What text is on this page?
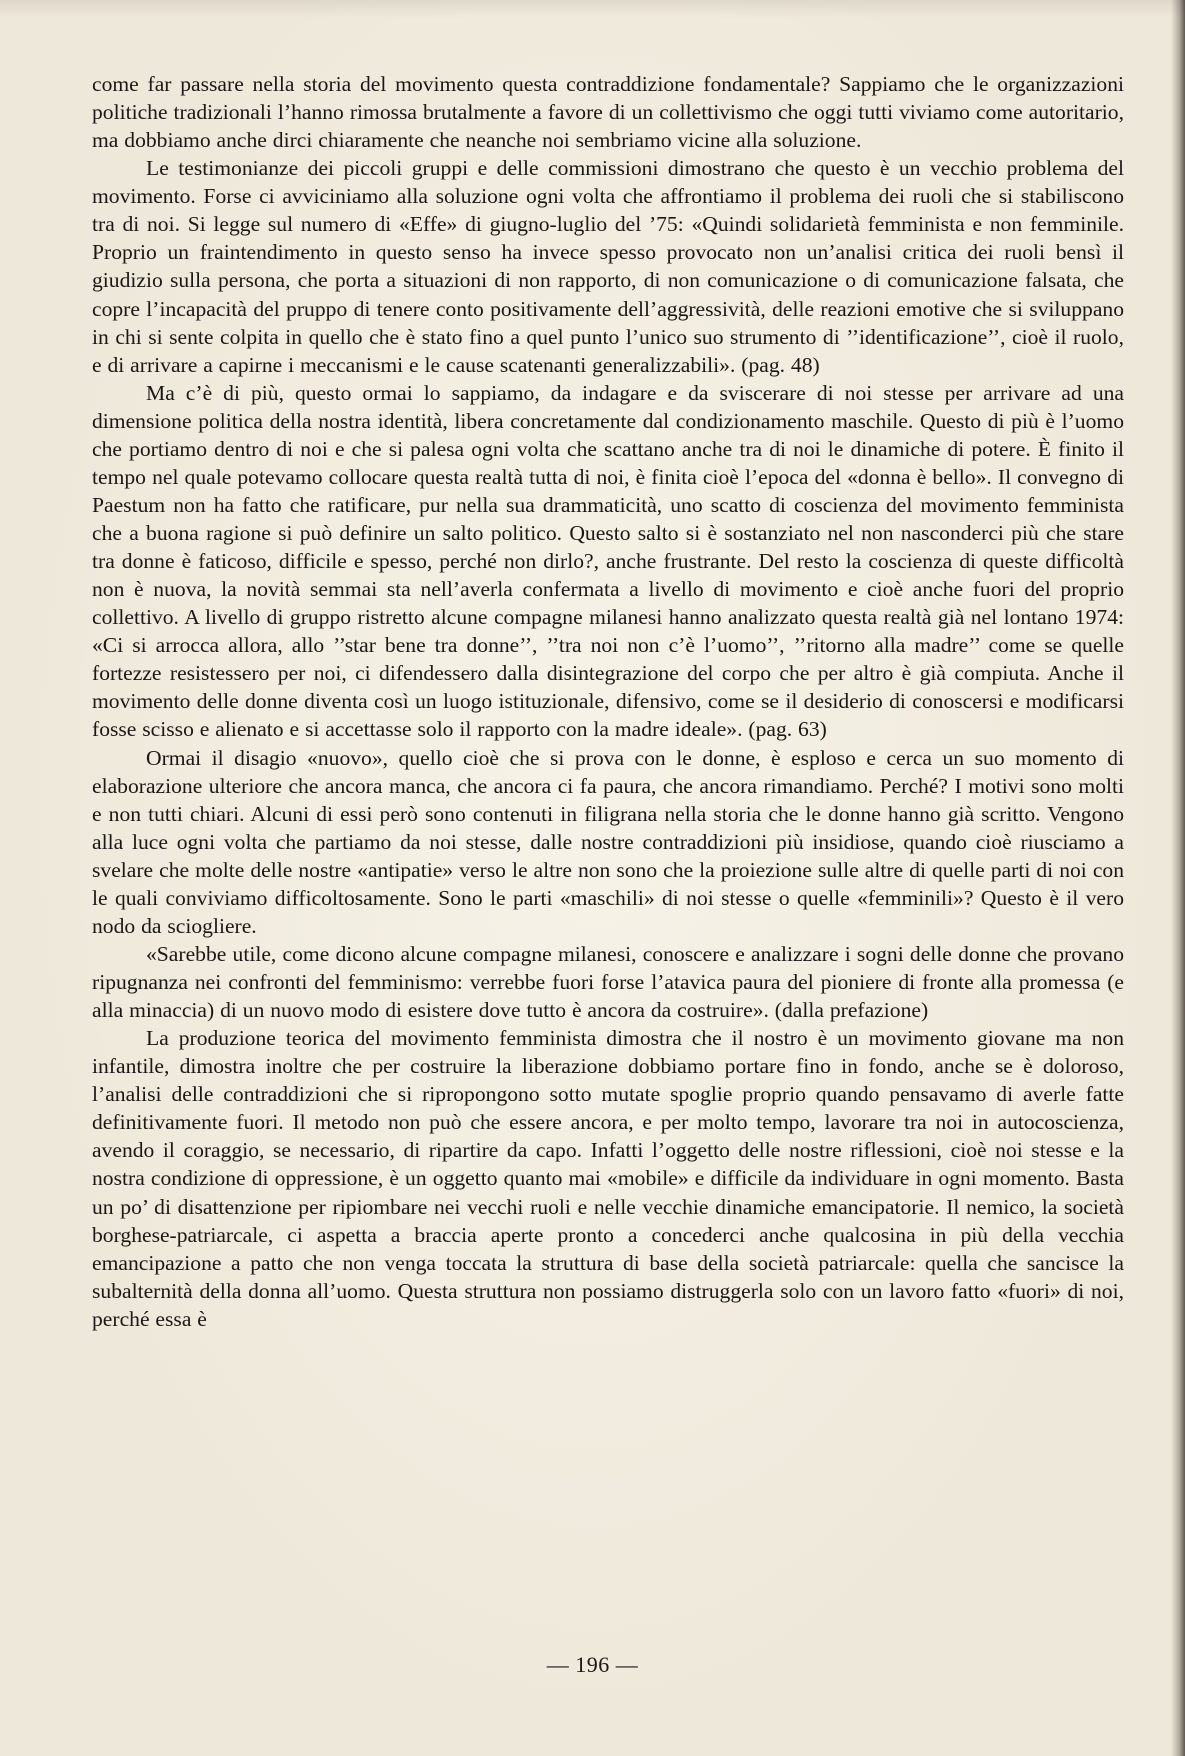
come far passare nella storia del movimento questa contraddizione fondamentale? Sappiamo che le organizzazioni politiche tradizionali l’hanno rimossa brutalmente a favore di un collettivismo che oggi tutti viviamo come autoritario, ma dobbiamo anche dirci chiaramente che neanche noi sembriamo vicine alla soluzione.

Le testimonianze dei piccoli gruppi e delle commissioni dimostrano che questo è un vecchio problema del movimento. Forse ci avviciniamo alla soluzione ogni volta che affrontiamo il problema dei ruoli che si stabiliscono tra di noi. Si legge sul numero di «Effe» di giugno-luglio del ’75: «Quindi solidarietà femminista e non femminile. Proprio un fraintendimento in questo senso ha invece spesso provocato non un’analisi critica dei ruoli bensì il giudizio sulla persona, che porta a situazioni di non rapporto, di non comunicazione o di comunicazione falsata, che copre l’incapacità del pruppo di tenere conto positivamente dell’aggressività, delle reazioni emotive che si sviluppano in chi si sente colpita in quello che è stato fino a quel punto l’unico suo strumento di ’’identificazione’’, cioè il ruolo, e di arrivare a capirne i meccanismi e le cause scatenanti generalizzabili». (pag. 48)

Ma c’è di più, questo ormai lo sappiamo, da indagare e da sviscerare di noi stesse per arrivare ad una dimensione politica della nostra identità, libera concretamente dal condizionamento maschile. Questo di più è l’uomo che portiamo dentro di noi e che si palesa ogni volta che scattano anche tra di noi le dinamiche di potere. È finito il tempo nel quale potevamo collocare questa realtà tutta di noi, è finita cioè l’epoca del «donna è bello». Il convegno di Paestum non ha fatto che ratificare, pur nella sua drammaticità, uno scatto di coscienza del movimento femminista che a buona ragione si può definire un salto politico. Questo salto si è sostanziato nel non nasconderci più che stare tra donne è faticoso, difficile e spesso, perché non dirlo?, anche frustrante. Del resto la coscienza di queste difficoltà non è nuova, la novità semmai sta nell’averla confermata a livello di movimento e cioè anche fuori del proprio collettivo. A livello di gruppo ristretto alcune compagne milanesi hanno analizzato questa realtà già nel lontano 1974: «Ci si arrocca allora, allo ’’star bene tra donne’’, ’’tra noi non c’è l’uomo’’, ’’ritorno alla madre’’ come se quelle fortezze resistessero per noi, ci difendessero dalla disintegrazione del corpo che per altro è già compiuta. Anche il movimento delle donne diventa così un luogo istituzionale, difensivo, come se il desiderio di conoscersi e modificarsi fosse scisso e alienato e si accettasse solo il rapporto con la madre ideale». (pag. 63)

Ormai il disagio «nuovo», quello cioè che si prova con le donne, è esploso e cerca un suo momento di elaborazione ulteriore che ancora manca, che ancora ci fa paura, che ancora rimandiamo. Perché? I motivi sono molti e non tutti chiari. Alcuni di essi però sono contenuti in filigrana nella storia che le donne hanno già scritto. Vengono alla luce ogni volta che partiamo da noi stesse, dalle nostre contraddizioni più insidiose, quando cioè riusciamo a svelare che molte delle nostre «antipatie» verso le altre non sono che la proiezione sulle altre di quelle parti di noi con le quali conviviamo difficoltosamente. Sono le parti «maschili» di noi stesse o quelle «femminili»? Questo è il vero nodo da sciogliere.

«Sarebbe utile, come dicono alcune compagne milanesi, conoscere e analizzare i sogni delle donne che provano ripugnanza nei confronti del femminismo: verrebbe fuori forse l’atavica paura del pioniere di fronte alla promessa (e alla minaccia) di un nuovo modo di esistere dove tutto è ancora da costruire». (dalla prefazione)

La produzione teorica del movimento femminista dimostra che il nostro è un movimento giovane ma non infantile, dimostra inoltre che per costruire la liberazione dobbiamo portare fino in fondo, anche se è doloroso, l’analisi delle contraddizioni che si ripropongono sotto mutate spoglie proprio quando pensavamo di averle fatte definitivamente fuori. Il metodo non può che essere ancora, e per molto tempo, lavorare tra noi in autocoscienza, avendo il coraggio, se necessario, di ripartire da capo. Infatti l’oggetto delle nostre riflessioni, cioè noi stesse e la nostra condizione di oppressione, è un oggetto quanto mai «mobile» e difficile da individuare in ogni momento. Basta un po’ di disattenzione per ripiombare nei vecchi ruoli e nelle vecchie dinamiche emancipatorie. Il nemico, la società borghese-patriarcale, ci aspetta a braccia aperte pronto a concederci anche qualcosina in più della vecchia emancipazione a patto che non venga toccata la struttura di base della società patriarcale: quella che sancisce la subalternità della donna all’uomo. Questa struttura non possiamo distruggerla solo con un lavoro fatto «fuori» di noi, perché essa è

— 196 —
